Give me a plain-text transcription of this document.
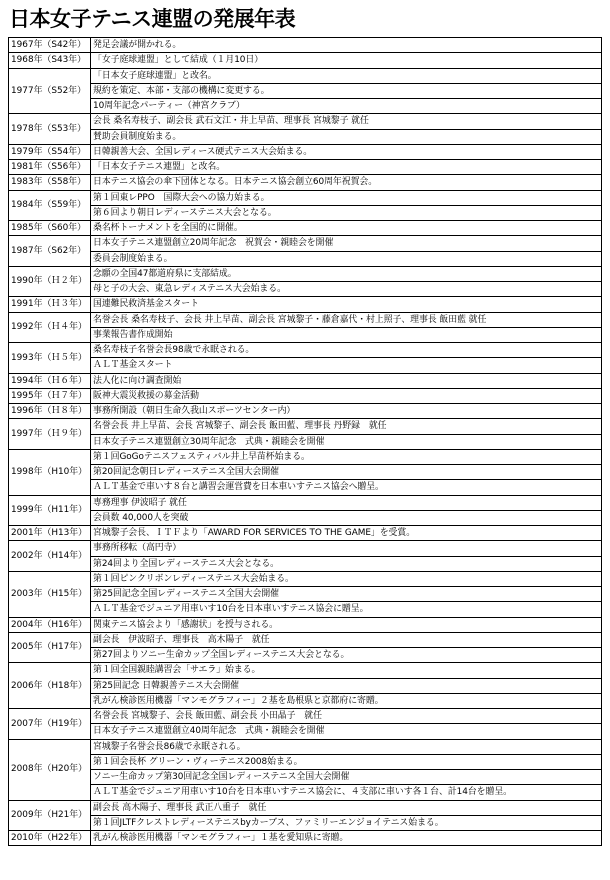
日本女子テニス連盟の発展年表
1967年（S42年）	発足会議が開かれる。
1968年（S43年）	「女子庭球連盟」として結成（１月10日）
1977年（S52年）	「日本女子庭球連盟」と改名。
	規約を策定、本部・支部の機構に変更する。
	10周年記念パーティー（神宮クラブ）
1978年（S53年）	会長 桑名寿枝子、副会長 武石文江・井上早苗、理事長 宮城黎子 就任
	賛助会員制度始まる。
1979年（S54年）	日韓親善大会、全国レディース硬式テニス大会始まる。
1981年（S56年）	「日本女子テニス連盟」と改名。
1983年（S58年）	日本テニス協会の傘下団体となる。日本テニス協会創立60周年祝賀会。
1984年（S59年）	第１回東レPPO　国際大会への協力始まる。
	第６回より朝日レディーステニス大会となる。
1985年（S60年）	桑名杯トーナメントを全国的に開催。
1987年（S62年）	日本女子テニス連盟創立20周年記念　祝賀会・親睦会を開催
	委員会制度始まる。
1990年（Ｈ２年）	念願の全国47都道府県に支部結成。
	母と子の大会、東急レディステニス大会始まる。
1991年（Ｈ３年）	国連難民救済基金スタート
1992年（Ｈ４年）	名誉会長 桑名寿枝子、会長 井上早苗、副会長 宮城黎子・藤倉嘉代・村上照子、理事長 飯田藍 就任
	事業報告書作成開始
1993年（Ｈ５年）	桑名寿枝子名誉会長98歳で永眠される。
	ＡＬＴ基金スタート
1994年（Ｈ６年）	法人化に向け調査開始
1995年（Ｈ７年）	阪神大震災救援の募金活動
1996年（Ｈ８年）	事務所開設（朝日生命久我山スポーツセンター内）
1997年（Ｈ９年）	名誉会長 井上早苗、会長 宮城黎子、副会長 飯田藍、理事長 丹野録　就任
	日本女子テニス連盟創立30周年記念　式典・親睦会を開催
1998年（H10年）	第１回GoGoテニスフェスティバル井上早苗杯始まる。
	第20回記念朝日レディーステニス全国大会開催
	ＡＬＴ基金で車いす８台と講習会運営費を日本車いすテニス協会へ贈呈。
1999年（H11年）	専務理事 伊波昭子 就任
	会員数 40,000人を突破
2001年（H13年）	宮城黎子会長、ＩＴＦより「AWARD FOR SERVICES TO THE GAME」を受賞。
2002年（H14年）	事務所移転（高円寺）
	第24回より全国レディーステニス大会となる。
2003年（H15年）	第１回ピンクリボンレディーステニス大会始まる。
	第25回記念全国レディーステニス全国大会開催
	ＡＬＴ基金でジュニア用車いす10台を日本車いすテニス協会に贈呈。
2004年（H16年）	関東テニス協会より「感謝状」を授与される。
2005年（H17年）	副会長　伊波昭子、理事長　高木陽子　就任
	第27回よりソニー生命カップ全国レディーステニス大会となる。
2006年（H18年）	第１回全国親睦講習会「サエラ」始まる。
	第25回記念 日韓親善テニス大会開催
	乳がん検診医用機器「マンモグラフィー」２基を島根県と京都府に寄贈。
2007年（H19年）	名誉会長 宮城黎子、会長 飯田藍、副会長 小田晶子　就任
	日本女子テニス連盟創立40周年記念　式典・親睦会を開催
2008年（H20年）	宮城黎子名誉会長86歳で永眠される。
	第１回会長杯 グリーン・ヴィーテニス2008始まる。
	ソニー生命カップ第30回記念全国レディーステニス全国大会開催
	ＡＬＴ基金でジュニア用車いす10台を日本車いすテニス協会に、４支部に車いす各１台、計14台を贈呈。
2009年（H21年）	副会長 高木陽子、理事長 武正八重子　就任
	第１回JLTFクレストレディーステニスbyカーブス、ファミリーエンジョイテニス始まる。
2010年（H22年）	乳がん検診医用機器「マンモグラフィー」１基を愛知県に寄贈。
